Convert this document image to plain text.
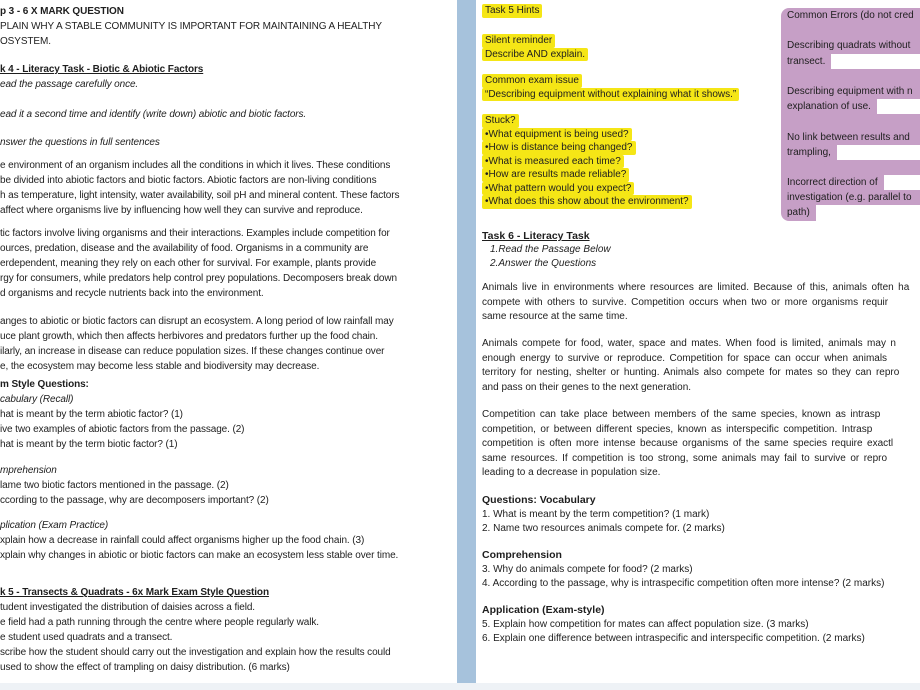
p 3 - 6 X MARK QUESTION
PLAIN WHY A STABLE COMMUNITY IS IMPORTANT FOR MAINTAINING A HEALTHY
OSYSTEM.
k 4 - Literacy Task - Biotic & Abiotic Factors
ead the passage carefully once.
ead it a second time and identify (write down) abiotic and biotic factors.
nswer the questions in full sentences
e environment of an organism includes all the conditions in which it lives. These conditions
be divided into abiotic factors and biotic factors. Abiotic factors are non-living conditions
h as temperature, light intensity, water availability, soil pH and mineral content. These factors
affect where organisms live by influencing how well they can survive and reproduce.
tic factors involve living organisms and their interactions. Examples include competition for
ources, predation, disease and the availability of food. Organisms in a community are
erdependent, meaning they rely on each other for survival. For example, plants provide
rgy for consumers, while predators help control prey populations. Decomposers break down
d organisms and recycle nutrients back into the environment.
anges to abiotic or biotic factors can disrupt an ecosystem. A long period of low rainfall may
uce plant growth, which then affects herbivores and predators further up the food chain.
ilarly, an increase in disease can reduce population sizes. If these changes continue over
e, the ecosystem may become less stable and biodiversity may decrease.
m Style Questions:
cabulary (Recall)
hat is meant by the term abiotic factor? (1)
ive two examples of abiotic factors from the passage. (2)
hat is meant by the term biotic factor? (1)
mprehension
lame two biotic factors mentioned in the passage. (2)
ccording to the passage, why are decomposers important? (2)
plication (Exam Practice)
xplain how a decrease in rainfall could affect organisms higher up the food chain. (3)
xplain why changes in abiotic or biotic factors can make an ecosystem less stable over time.
k 5 - Transects & Quadrats - 6x Mark Exam Style Question
tudent investigated the distribution of daisies across a field.
e field had a path running through the centre where people regularly walk.
e student used quadrats and a transect.
scribe how the student should carry out the investigation and explain how the results could
used to show the effect of trampling on daisy distribution. (6 marks)
Task 5 Hints
Silent reminder
Describe AND explain.
Common exam issue
“Describing equipment without explaining what it shows.”
Stuck?
•What equipment is being used?
•How is distance being changed?
•What is measured each time?
•How are results made reliable?
•What pattern would you expect?
•What does this show about the environment?
Common Errors (do not cred

Describing quadrats without
transect.

Describing equipment with n
explanation of use.

No link between results and
trampling,

Incorrect direction of
investigation (e.g. parallel to
path)
Task 6 - Literacy Task
1.Read the Passage Below
2.Answer the Questions
Animals live in environments where resources are limited. Because of this, animals often ha
compete with others to survive. Competition occurs when two or more organisms requir
same resource at the same time.
Animals compete for food, water, space and mates. When food is limited, animals may n
enough energy to survive or reproduce. Competition for space can occur when animals
territory for nesting, shelter or hunting. Animals also compete for mates so they can repro
and pass on their genes to the next generation.
Competition can take place between members of the same species, known as intrasp
competition, or between different species, known as interspecific competition. Intrasp
competition is often more intense because organisms of the same species require exactl
same resources. If competition is too strong, some animals may fail to survive or repro
leading to a decrease in population size.
Questions: Vocabulary
1. What is meant by the term competition? (1 mark)
2. Name two resources animals compete for. (2 marks)
Comprehension
3. Why do animals compete for food? (2 marks)
4. According to the passage, why is intraspecific competition often more intense? (2 marks)
Application (Exam-style)
5. Explain how competition for mates can affect population size. (3 marks)
6. Explain one difference between intraspecific and interspecific competition. (2 marks)
